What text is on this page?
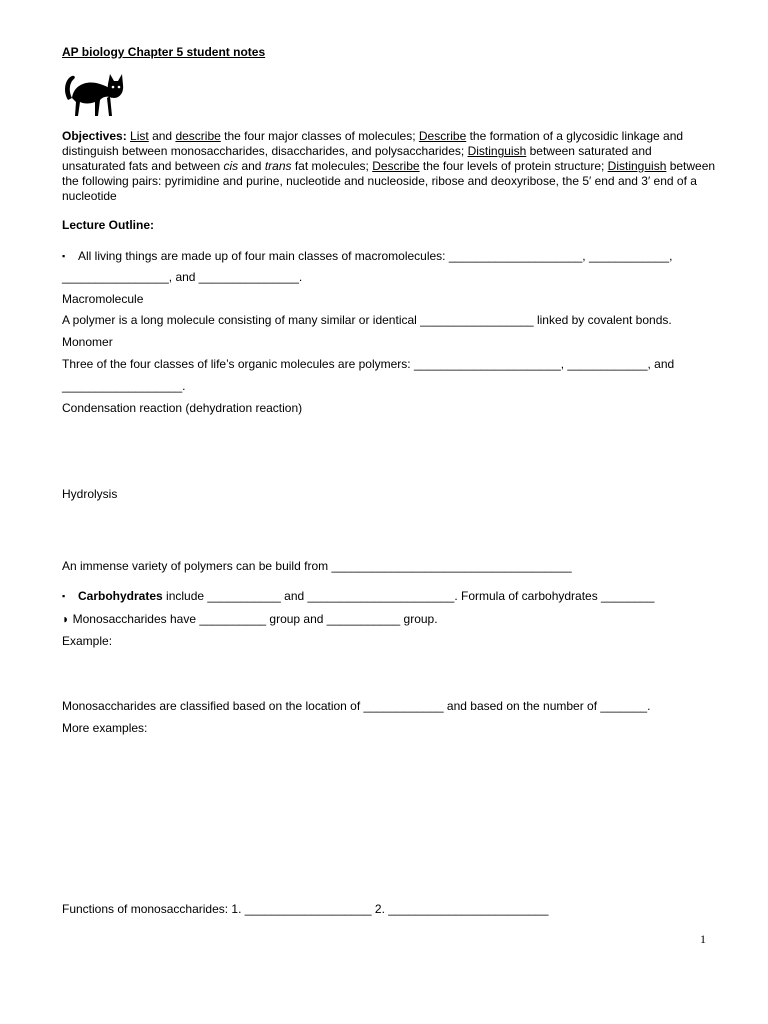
AP biology Chapter 5 student notes
Objectives: List and describe the four major classes of molecules; Describe the formation of a glycosidic linkage and distinguish between monosaccharides, disaccharides, and polysaccharides; Distinguish between saturated and unsaturated fats and between cis and trans fat molecules; Describe the four levels of protein structure; Distinguish between the following pairs: pyrimidine and purine, nucleotide and nucleoside, ribose and deoxyribose, the 5′ end and 3′ end of a nucleotide
Lecture Outline:
▪ All living things are made up of four main classes of macromolecules: ____________________, ____________,
________________, and _______________.
Macromolecule
A polymer is a long molecule consisting of many similar or identical _________________ linked by covalent bonds.
Monomer
Three of the four classes of life’s organic molecules are polymers: ______________________, ____________, and
__________________.
Condensation reaction (dehydration reaction)
Hydrolysis
An immense variety of polymers can be build from ____________________________________
▪ Carbohydrates include ___________ and ______________________. Formula of carbohydrates ________
◗ Monosaccharides have __________ group and ___________ group.
Example:
Monosaccharides are classified based on the location of ____________ and based on the number of _______.
More examples:
Functions of monosaccharides: 1. ___________________ 2. ________________________
1
